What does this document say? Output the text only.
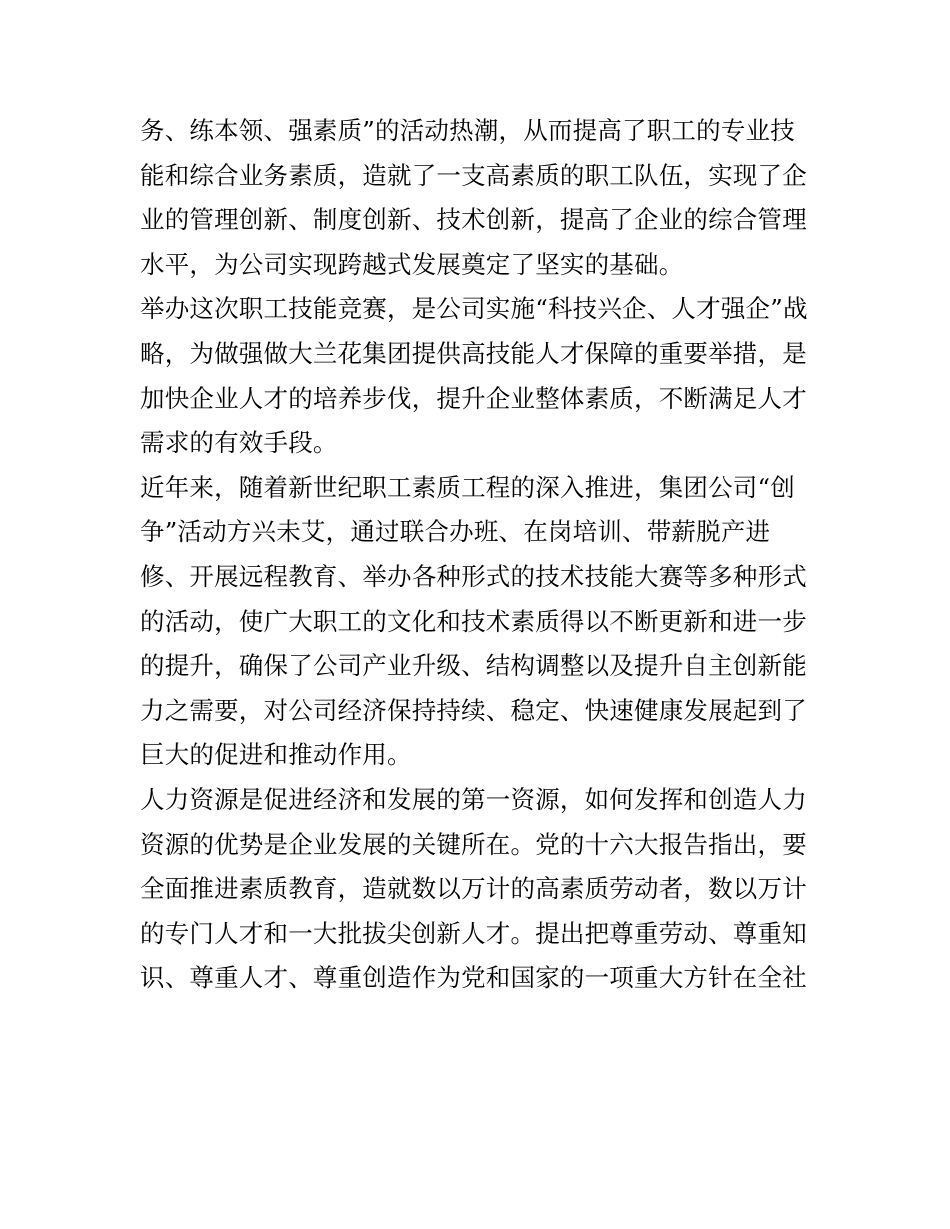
务、练本领、强素质”的活动热潮，从而提高了职工的专业技
能和综合业务素质，造就了一支高素质的职工队伍，实现了企
业的管理创新、制度创新、技术创新，提高了企业的综合管理
水平，为公司实现跨越式发展奠定了坚实的基础。
举办这次职工技能竞赛，是公司实施“科技兴企、人才强企”战
略，为做强做大兰花集团提供高技能人才保障的重要举措，是
加快企业人才的培养步伐，提升企业整体素质，不断满足人才
需求的有效手段。
近年来，随着新世纪职工素质工程的深入推进，集团公司“创
争”活动方兴未艾，通过联合办班、在岗培训、带薪脱产进
修、开展远程教育、举办各种形式的技术技能大赛等多种形式
的活动，使广大职工的文化和技术素质得以不断更新和进一步
的提升，确保了公司产业升级、结构调整以及提升自主创新能
力之需要，对公司经济保持持续、稳定、快速健康发展起到了
巨大的促进和推动作用。
人力资源是促进经济和发展的第一资源，如何发挥和创造人力
资源的优势是企业发展的关键所在。党的十六大报告指出，要
全面推进素质教育，造就数以万计的高素质劳动者，数以万计
的专门人才和一大批拔尖创新人才。提出把尊重劳动、尊重知
识、尊重人才、尊重创造作为党和国家的一项重大方针在全社
